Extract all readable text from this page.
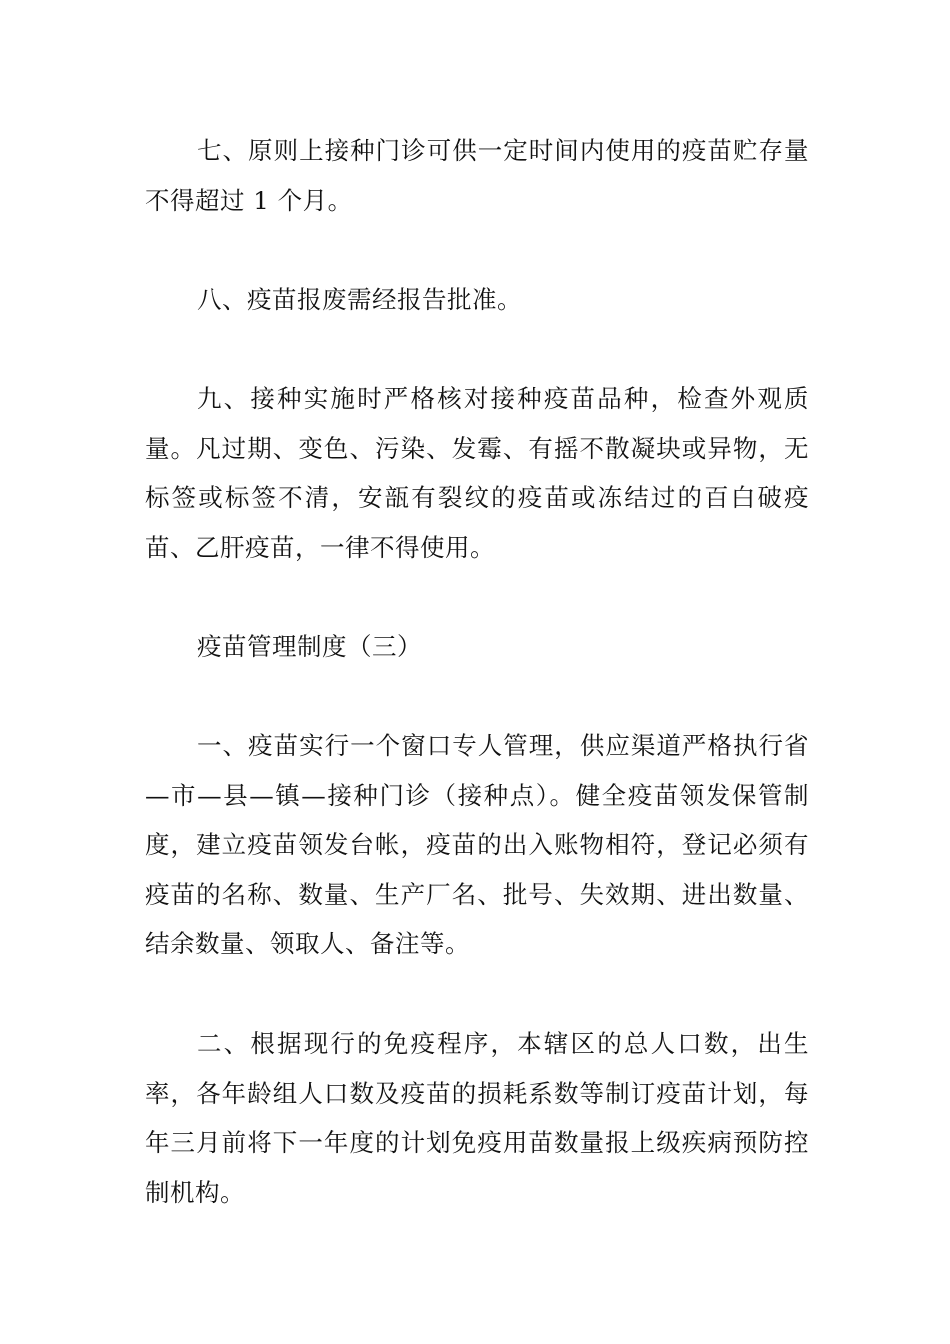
七、原则上接种门诊可供一定时间内使用的疫苗贮存量不得超过 1 个月。

八、疫苗报废需经报告批准。

九、接种实施时严格核对接种疫苗品种，检查外观质量。凡过期、变色、污染、发霉、有摇不散凝块或异物，无标签或标签不清，安瓿有裂纹的疫苗或冻结过的百白破疫苗、乙肝疫苗，一律不得使用。

疫苗管理制度（三）

一、疫苗实行一个窗口专人管理，供应渠道严格执行省—市—县—镇—接种门诊（接种点）。健全疫苗领发保管制度，建立疫苗领发台帐，疫苗的出入账物相符，登记必须有疫苗的名称、数量、生产厂名、批号、失效期、进出数量、结余数量、领取人、备注等。

二、根据现行的免疫程序，本辖区的总人口数，出生率，各年龄组人口数及疫苗的损耗系数等制订疫苗计划，每年三月前将下一年度的计划免疫用苗数量报上级疾病预防控制机构。
